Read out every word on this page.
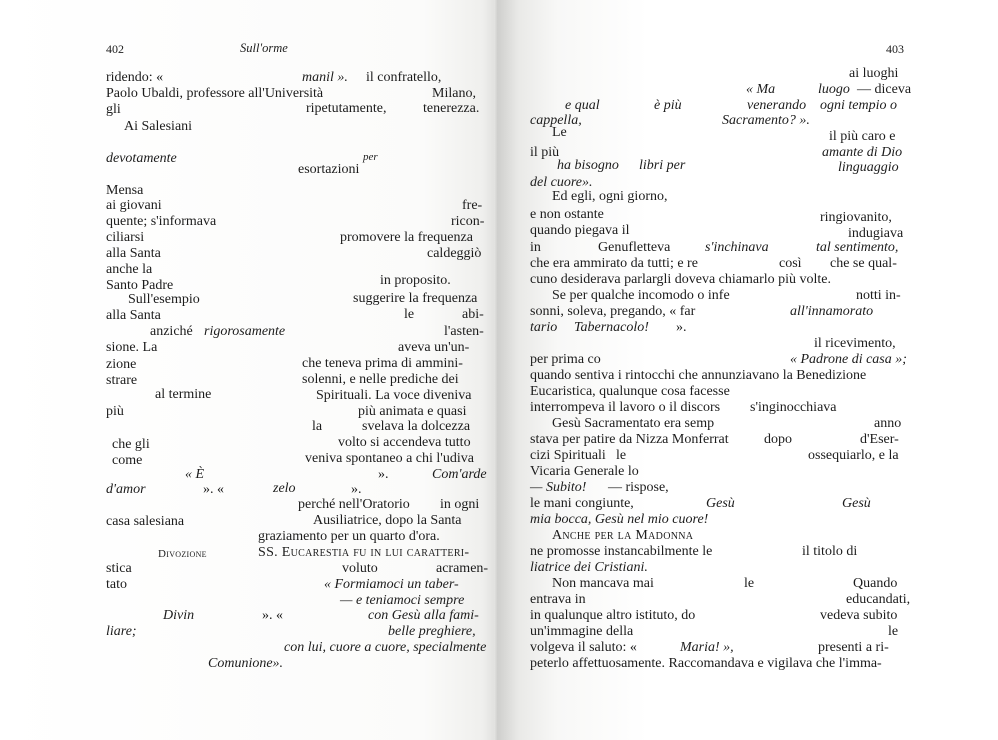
402	Sull'orme
ridendo: «	manil ». il confratello,
Paolo Ubaldi, professore all'Università	Milano,
gli	ripetutamente,	tenerezza.
Ai Salesiani
devotamente	per
esortazioni
Mensa
ai giovani	fre-
quente; s'informava	ricon-
ciliarsi	promovere la frequenza
alla Santa	caldeggiò
anche la
Santo Padre	in proposito.
Sull'esempio	suggerire la frequenza
alla Santa	le	abi-
anziché rigorosamente	l'asten-
sione. La	aveva un'un-
zione	che teneva prima di ammini-
strare	solenni, e nelle prediche dei
al termine	Spirituali. La voce diveniva
più	più animata e quasi
la	svelava la dolcezza
che gli	volto si accendeva tutto
come	veniva spontaneo a chi l'udiva
« È	».	Com'arde
d'amor	». «	zelo	».
perché nell'Oratorio in ogni
casa salesiana	Ausiliatrice, dopo la Santa
graziamento per un quarto d'ora.
Divozione	SS. Eucarestia fu in lui caratteri-
stica	voluto	acramen-
tato	« Formiamoci un taber-
— e teniamoci sempre
Divin	». «	con Gesù alla fami-
liare;	belle preghiere,
con lui, cuore a cuore, specialmente
Comunione».
403
ai luoghi
« Ma	luogo — diceva
e qual	è più	venerando ogni tempio o
cappella,	Sacramento? ».
Le	il più caro e
il più	amante di Dio
ha bisogno libri per	linguaggio
del cuore».
Ed egli, ogni giorno,
e non ostante	ringiovanito,
quando piegava il	indugiava
in	Genufletteva s'inchinava	tal sentimento,
che era ammirato da tutti; e re	così che se qual-
cuno desiderava parlargli doveva chiamarlo più volte.
Se per qualche incomodo o infe	notti in-
sonni, soleva, pregando, « far	all'innamorato
tario Tabernacolo! ».
il ricevimento,
per prima co	« Padrone di casa »;
quando sentiva i rintocchi che annunziavano la Benedizione
Eucaristica, qualunque cosa facesse
interrompeva il lavoro o il discors s'inginocchiava
Gesù Sacramentato era semp	anno
stava per patire da Nizza Monferrat	dopo	d'Eser-
cizi Spirituali le	ossequiarlo, e la
Vicaria Generale lo
— Subito! — rispose,
le mani congiunte,	Gesù	Gesù
mia bocca, Gesù nel mio cuore!
Anche per la Madonna
ne promosse instancabilmente le	il titolo di
liatrice dei Cristiani.
Non mancava mai	le	Quando
entrava in	educandati,
in qualunque altro istituto, do	vedeva subito
un'immagine della	le
volgeva il saluto: «	Maria! »,	presenti a ri-
peterlo affettuosamente. Raccomandava e vigilava che l'imma-
